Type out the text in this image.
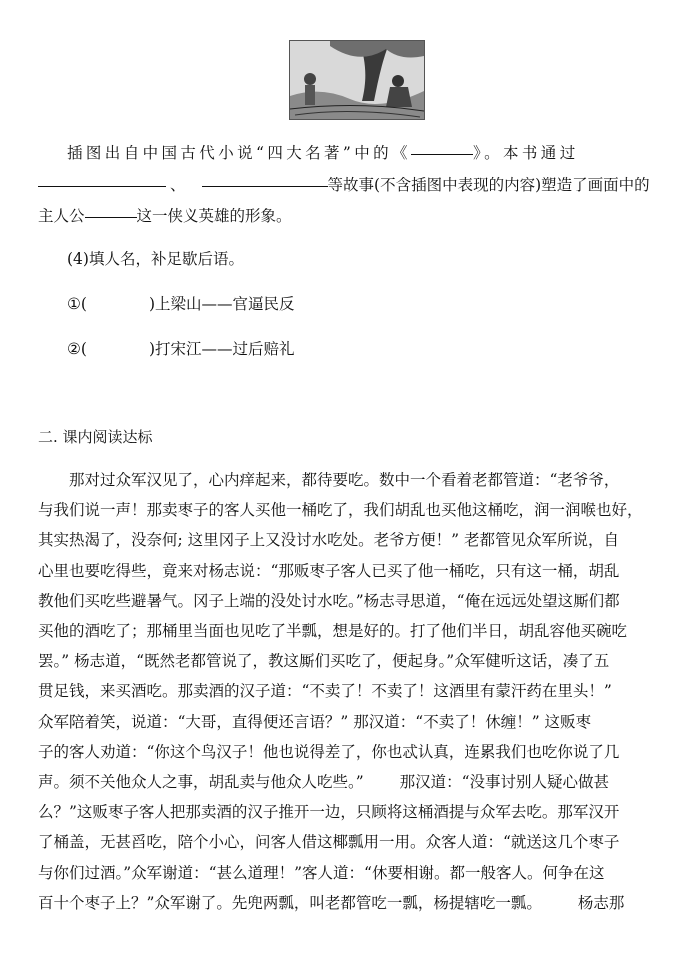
插图出自中国古代小说“四大名著”中的《	》。本书通过
、	等故事(不含插图中表现的内容)塑造了画面中的
主人公	这一侠义英雄的形象。
(4)填人名，补足歇后语。
①(	)上梁山——官逼民反
②(	)打宋江——过后赔礼
二. 课内阅读达标

　　那对过众军汉见了，心内痒起来，都待要吃。数中一个看着老都管道：“老爷爷，

与我们说一声！那卖枣子的客人买他一桶吃了，我们胡乱也买他这桶吃，润一润喉也好，

其实热渴了，没奈何; 这里冈子上又没讨水吃处。老爷方便！” 老都管见众军所说，自

心里也要吃得些，竟来对杨志说：“那贩枣子客人已买了他一桶吃，只有这一桶，胡乱

教他们买吃些避暑气。冈子上端的没处讨水吃。”杨志寻思道，“俺在远远处望这厮们都

买他的酒吃了；那桶里当面也见吃了半瓢，想是好的。打了他们半日，胡乱容他买碗吃

罢。” 杨志道，“既然老都管说了，教这厮们买吃了，便起身。”众军健听这话，凑了五

贯足钱，来买酒吃。那卖酒的汉子道：“不卖了！不卖了！这酒里有蒙汗药在里头！”

众军陪着笑，说道：“大哥，直得便还言语？” 那汉道：“不卖了！休缠！” 这贩枣

子的客人劝道：“你这个鸟汉子！他也说得差了，你也忒认真，连累我们也吃你说了几

声。须不关他众人之事，胡乱卖与他众人吃些。” 　　那汉道：“没事讨别人疑心做甚

么？”这贩枣子客人把那卖酒的汉子推开一边，只顾将这桶酒提与众军去吃。那军汉开

了桶盖，无甚舀吃，陪个小心，问客人借这椰瓢用一用。众客人道：“就送这几个枣子

与你们过酒。”众军谢道：“甚么道理！”客人道：“休要相谢。都一般客人。何争在这

百十个枣子上？”众军谢了。先兜两瓢，叫老都管吃一瓢，杨提辖吃一瓢。 　　杨志那
